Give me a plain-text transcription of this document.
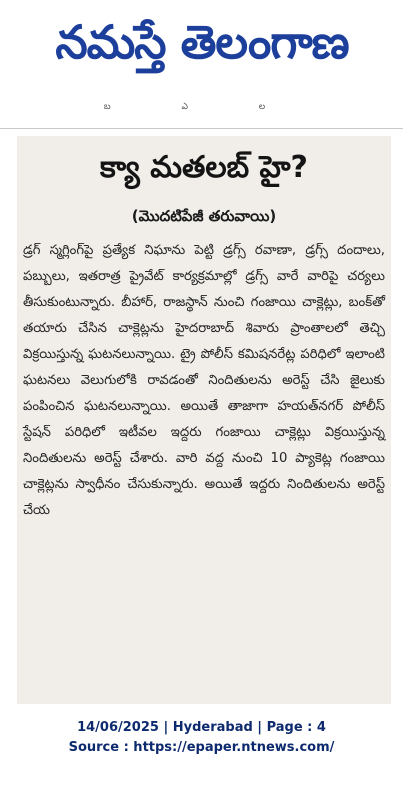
నమస్తే తెలంగాణ
బ ఎ ల
క్యా మతలబ్ హై?
(మొదటిపేజీ తరువాయి)

డ్రగ్ స్మగ్లింగ్‌పై ప్రత్యేక నిఘాను పెట్టి డ్రగ్స్ రవాణా, డ్రగ్స్ దందాలు, పబ్బులు, ఇతరాత్ర ప్రైవేట్ కార్యక్రమాల్లో డ్రగ్స్ వారే వారిపై చర్యలు తీసుకుంటున్నారు. బీహార్, రాజస్థాన్ నుంచి గంజాయి చాక్లెట్లు, బంక్‌తో తయారు చేసిన చాక్లెట్లను హైదరాబాద్ శివారు ప్రాంతాలలో తెచ్చి విక్రయిస్తున్న ఘటనలున్నాయి. ట్రై పోలీస్ కమిషనరేట్ల పరిధిలో ఇలాంటి ఘటనలు వెలుగులోకి రావడంతో నిందితులను అరెస్ట్ చేసి జైలుకు పంపించిన ఘటనలున్నాయి. అయితే తాజాగా హయత్‌నగర్ పోలీస్ స్టేషన్ పరిధిలో ఇటీవల ఇద్దరు గంజాయి చాక్లెట్లు విక్రయిస్తున్న నిందితులను అరెస్ట్ చేశారు. వారి వద్ద నుంచి 10 ప్యాకెట్ల గంజాయి చాక్లెట్లను స్వాధీనం చేసుకున్నారు. అయితే ఇద్దరు నిందితులను అరెస్ట్ చేయ

14/06/2025 | Hyderabad | Page : 4
Source : https://epaper.ntnews.com/
